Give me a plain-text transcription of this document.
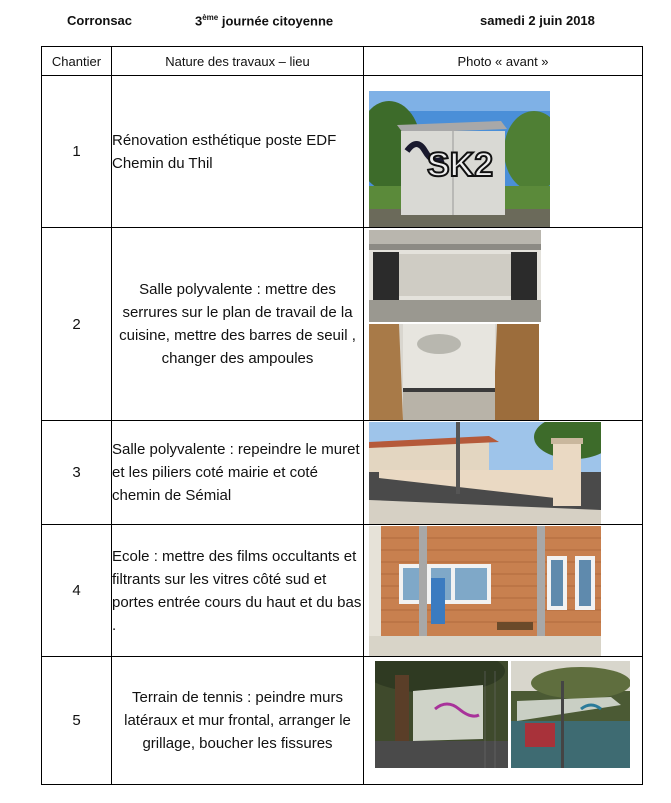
Corronsac	3ème journée citoyenne	samedi 2 juin 2018
Chantier	Nature des travaux – lieu	Photo « avant »
1	Rénovation esthétique poste EDF Chemin du Thil	SK2

2	Salle polyvalente : mettre des serrures sur le plan de travail de la cuisine, mettre des barres de seuil , changer des ampoules	

3	Salle polyvalente : repeindre le muret et les piliers coté mairie et coté chemin de Sémial	

4	Ecole : mettre des films occultants et filtrants sur les vitres côté sud et portes entrée cours du haut et du bas .	

5	Terrain de tennis : peindre murs latéraux et mur frontal, arranger le grillage, boucher les fissures	
